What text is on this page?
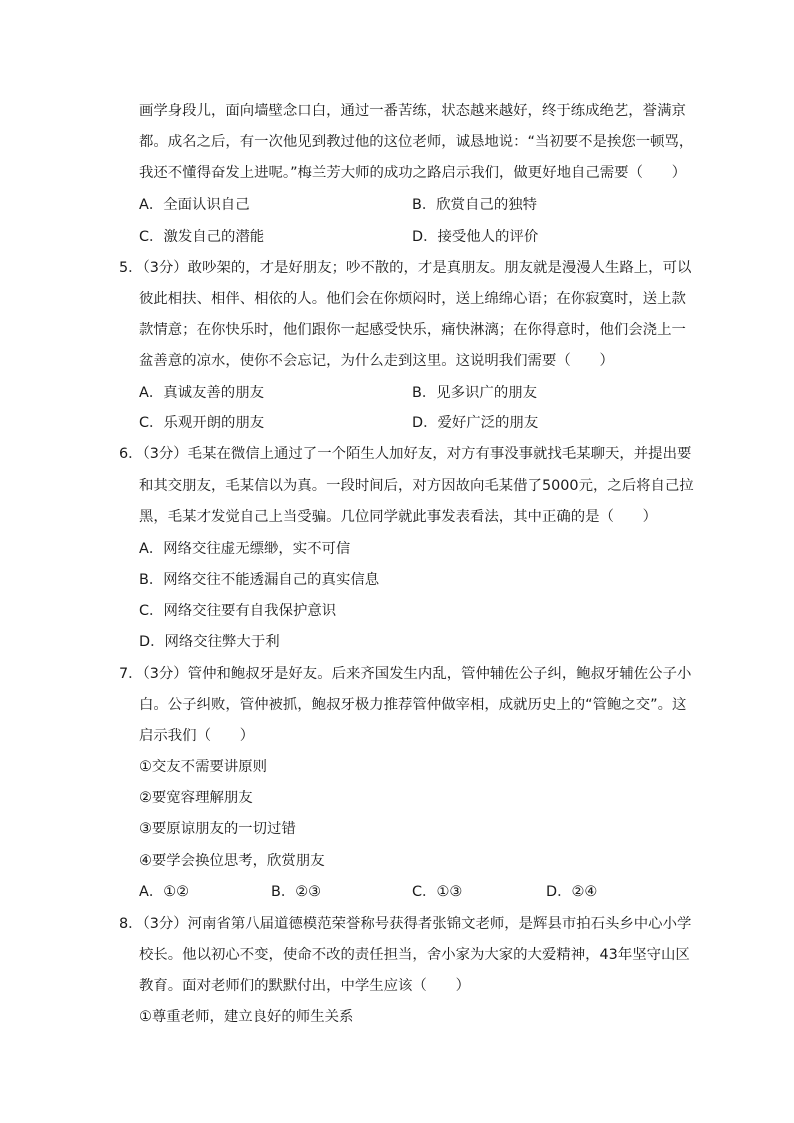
画学身段儿，面向墙壁念口白，通过一番苦练，状态越来越好，终于练成绝艺，誉满京

都。成名之后，有一次他见到教过他的这位老师，诚恳地说：“当初要不是挨您一顿骂，

我还不懂得奋发上进呢。”梅兰芳大师的成功之路启示我们，做更好地自己需要（　　）

A．全面认识自己	B．欣赏自己的独特

C．激发自己的潜能	D．接受他人的评价

5．（3分）敢吵架的，才是好朋友；吵不散的，才是真朋友。朋友就是漫漫人生路上，可以

彼此相扶、相伴、相依的人。他们会在你烦闷时，送上绵绵心语；在你寂寞时，送上款

款情意；在你快乐时，他们跟你一起感受快乐，痛快淋漓；在你得意时，他们会浇上一

盆善意的凉水，使你不会忘记，为什么走到这里。这说明我们需要（　　）

A．真诚友善的朋友	B．见多识广的朋友

C．乐观开朗的朋友	D．爱好广泛的朋友

6．（3分）毛某在微信上通过了一个陌生人加好友，对方有事没事就找毛某聊天，并提出要

和其交朋友，毛某信以为真。一段时间后，对方因故向毛某借了5000元，之后将自己拉

黑，毛某才发觉自己上当受骗。几位同学就此事发表看法，其中正确的是（　　）

A．网络交往虚无缥缈，实不可信

B．网络交往不能透漏自己的真实信息

C．网络交往要有自我保护意识

D．网络交往弊大于利

7．（3分）管仲和鲍叔牙是好友。后来齐国发生内乱，管仲辅佐公子纠，鲍叔牙辅佐公子小

白。公子纠败，管仲被抓，鲍叔牙极力推荐管仲做宰相，成就历史上的“管鲍之交”。这

启示我们（　　）

①交友不需要讲原则

②要宽容理解朋友

③要原谅朋友的一切过错

④要学会换位思考，欣赏朋友

A．①②	B．②③	C．①③	D．②④

8．（3分）河南省第八届道德模范荣誉称号获得者张锦文老师，是辉县市拍石头乡中心小学

校长。他以初心不变，使命不改的责任担当，舍小家为大家的大爱精神，43年坚守山区

教育。面对老师们的默默付出，中学生应该（　　）

①尊重老师，建立良好的师生关系
